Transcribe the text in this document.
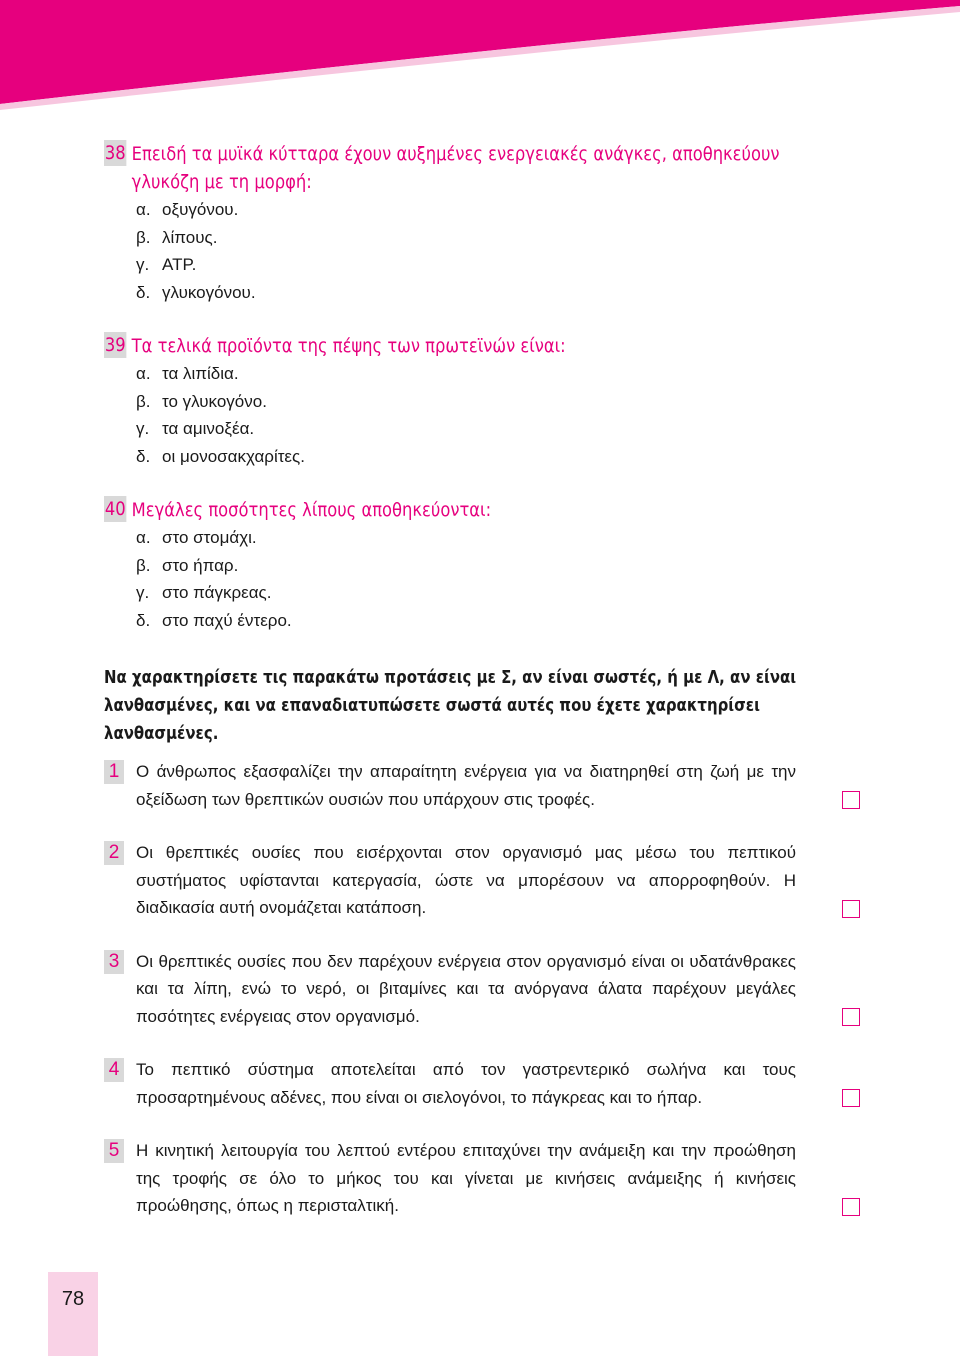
38 Επειδή τα μυϊκά κύτταρα έχουν αυξημένες ενεργειακές ανάγκες, αποθηκεύουν γλυκόζη με τη μορφή:
α. οξυγόνου.
β. λίπους.
γ. ATP.
δ. γλυκογόνου.
39 Τα τελικά προϊόντα της πέψης των πρωτεϊνών είναι:
α. τα λιπίδια.
β. το γλυκογόνο.
γ. τα αμινοξέα.
δ. οι μονοσακχαρίτες.
40 Μεγάλες ποσότητες λίπους αποθηκεύονται:
α. στο στομάχι.
β. στο ήπαρ.
γ. στο πάγκρεας.
δ. στο παχύ έντερο.

Να χαρακτηρίσετε τις παρακάτω προτάσεις με Σ, αν είναι σωστές, ή με Λ, αν είναι λανθασμένες, και να επαναδιατυπώσετε σωστά αυτές που έχετε χαρακτηρίσει λανθασμένες.

1 Ο άνθρωπος εξασφαλίζει την απαραίτητη ενέργεια για να διατηρηθεί στη ζωή με την οξείδωση των θρεπτικών ουσιών που υπάρχουν στις τροφές.
2 Οι θρεπτικές ουσίες που εισέρχονται στον οργανισμό μας μέσω του πεπτικού συστήματος υφίστανται κατεργασία, ώστε να μπορέσουν να απορροφηθούν. Η διαδικασία αυτή ονομάζεται κατάποση.
3 Οι θρεπτικές ουσίες που δεν παρέχουν ενέργεια στον οργανισμό είναι οι υδατάνθρακες και τα λίπη, ενώ το νερό, οι βιταμίνες και τα ανόργανα άλατα παρέχουν μεγάλες ποσότητες ενέργειας στον οργανισμό.
4 Το πεπτικό σύστημα αποτελείται από τον γαστρεντερικό σωλήνα και τους προσαρτημένους αδένες, που είναι οι σιελογόνοι, το πάγκρεας και το ήπαρ.
5 Η κινητική λειτουργία του λεπτού εντέρου επιταχύνει την ανάμειξη και την προώθηση της τροφής σε όλο το μήκος του και γίνεται με κινήσεις ανάμειξης ή κινήσεις προώθησης, όπως η περισταλτική.
78
